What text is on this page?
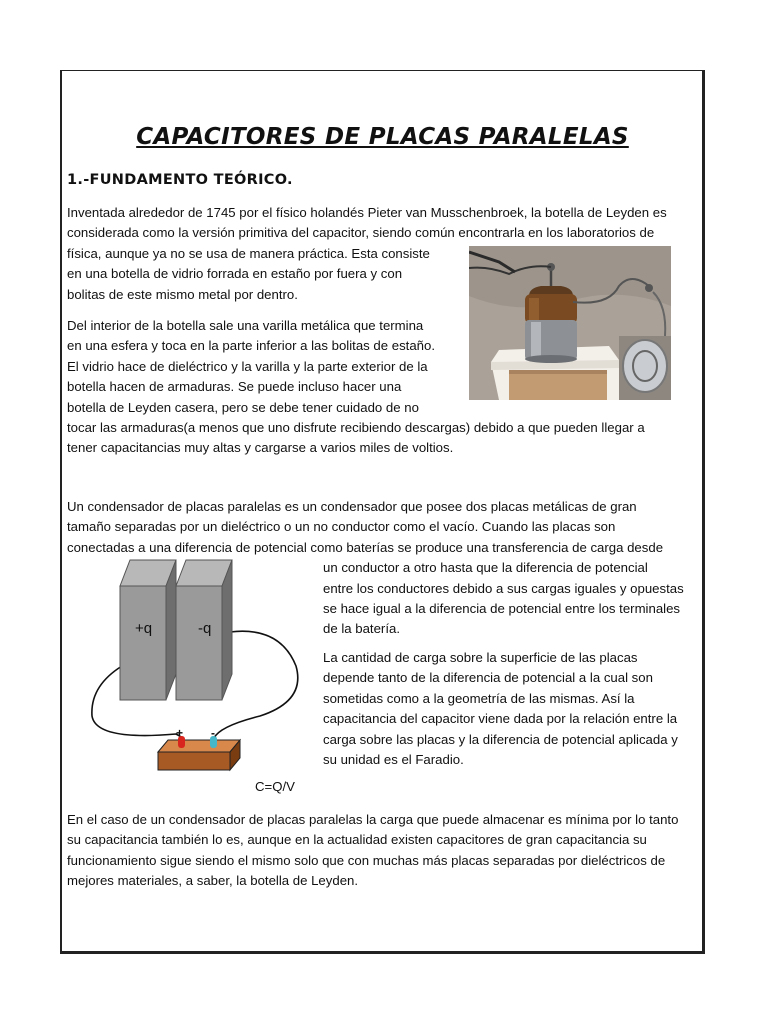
CAPACITORES DE PLACAS PARALELAS
1.-FUNDAMENTO TEÓRICO.

Inventada alrededor de 1745 por el físico holandés Pieter van Musschenbroek, la botella de Leyden es
considerada como la versión primitiva del capacitor, siendo común encontrarla en los laboratorios de
física, aunque ya no se usa de manera práctica. Esta consiste
en una botella de vidrio forrada en estaño por fuera y con
bolitas de este mismo metal por dentro.

Del interior de la botella sale una varilla metálica que termina
en una esfera y toca en la parte inferior a las bolitas de estaño.
El vidrio hace de dieléctrico y la varilla y la parte exterior de la
botella hacen de armaduras. Se puede incluso hacer una
botella de Leyden casera, pero se debe tener cuidado de no
tocar las armaduras(a menos que uno disfrute recibiendo descargas) debido a que pueden llegar a
tener capacitancias muy altas y cargarse a varios miles de voltios.

Un condensador de placas paralelas es un condensador que posee dos placas metálicas de gran
tamaño separadas por un dieléctrico o un no conductor como el vacío. Cuando las placas son
conectadas a una diferencia de potencial como baterías se produce una transferencia de carga desde
un conductor a otro hasta que la diferencia de potencial
entre los conductores debido a sus cargas iguales y opuestas
se hace igual a la diferencia de potencial entre los terminales
de la batería.

La cantidad de carga sobre la superficie de las placas
depende tanto de la diferencia de potencial a la cual son
sometidas como a la geometría de las mismas. Así la
capacitancia del capacitor viene dada por la relación entre la
carga sobre las placas y la diferencia de potencial aplicada y
su unidad es el Faradio.

+q	-q
+ -

C=Q/V

En el caso de un condensador de placas paralelas la carga que puede almacenar es mínima por lo tanto
su capacitancia también lo es, aunque en la actualidad existen capacitores de gran capacitancia su
funcionamiento sigue siendo el mismo solo que con muchas más placas separadas por dieléctricos de
mejores materiales, a saber, la botella de Leyden.
